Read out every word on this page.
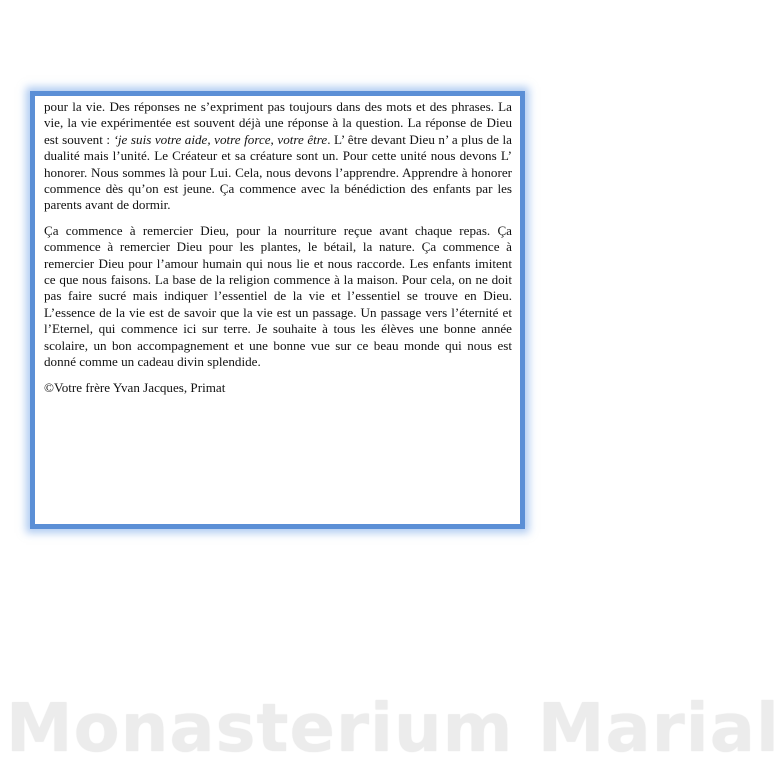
pour la vie. Des réponses ne s’expriment pas toujours dans des mots et des phrases. La vie, la vie expérimentée est souvent déjà une réponse à la question. La réponse de Dieu est souvent : ‘je suis votre aide, votre force, votre être. L’ être devant Dieu n’ a plus de la dualité mais l’unité. Le Créateur et sa créature sont un. Pour cette unité nous devons L’ honorer. Nous sommes là pour Lui. Cela, nous devons l’apprendre. Apprendre à honorer commence dès qu’on est jeune. Ça commence avec la bénédiction des enfants par les parents avant de dormir.

Ça commence à remercier Dieu, pour la nourriture reçue avant chaque repas. Ça commence à remercier Dieu pour les plantes, le bétail, la nature. Ça commence à remercier Dieu pour l’amour humain qui nous lie et nous raccorde. Les enfants imitent ce que nous faisons. La base de la religion commence à la maison. Pour cela, on ne doit pas faire sucré mais indiquer l’essentiel de la vie et l’essentiel se trouve en Dieu. L’essence de la vie est de savoir que la vie est un passage. Un passage vers l’éternité et l’Eternel, qui commence ici sur terre. Je souhaite à tous les élèves une bonne année scolaire, un bon accompagnement et une bonne vue sur ce beau monde qui nous est donné comme un cadeau divin splendide.

©Votre frère Yvan Jacques, Primat

Monasterium Marial
